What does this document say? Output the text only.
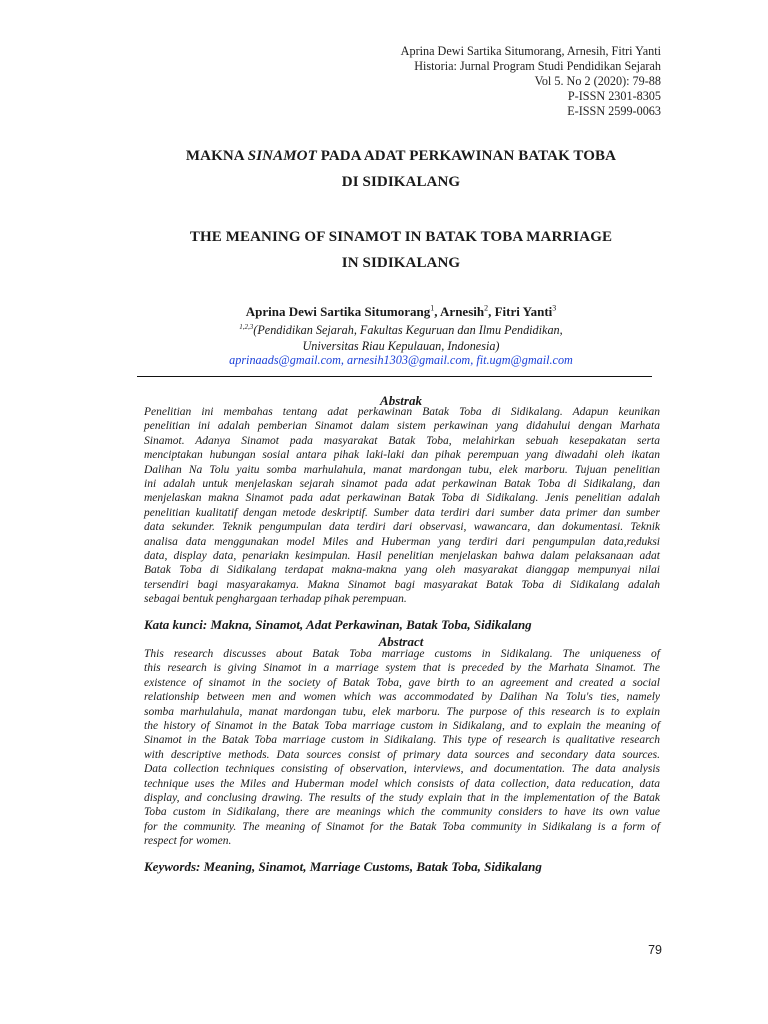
Aprina Dewi Sartika Situmorang, Arnesih, Fitri Yanti
Historia: Jurnal Program Studi Pendidikan Sejarah
Vol 5. No 2 (2020): 79-88
P-ISSN 2301-8305
E-ISSN 2599-0063
MAKNA SINAMOT PADA ADAT PERKAWINAN BATAK TOBA
DI SIDIKALANG
THE MEANING OF SINAMOT IN BATAK TOBA MARRIAGE
IN SIDIKALANG
Aprina Dewi Sartika Situmorang$^1$, Arnesih$^2$, Fitri Yanti$^3$
$^{1,2,3}$(Pendidikan Sejarah, Fakultas Keguruan dan Ilmu Pendidikan,
Universitas Riau Kepulauan, Indonesia)
aprinaads@gmail.com, arnesih1303@gmail.com, fit.ugm@gmail.com
Abstrak
Penelitian ini membahas tentang adat perkawinan Batak Toba di Sidikalang. Adapun keunikan
penelitian ini adalah pemberian Sinamot dalam sistem perkawinan yang didahului dengan Marhata
Sinamot. Adanya Sinamot pada masyarakat Batak Toba, melahirkan sebuah kesepakatan serta
menciptakan hubungan sosial antara pihak laki-laki dan pihak perempuan yang diwadahi oleh ikatan
Dalihan Na Tolu yaitu somba marhulahula, manat mardongan tubu, elek marboru. Tujuan penelitian
ini adalah untuk menjelaskan sejarah sinamot pada adat perkawinan Batak Toba di Sidikalang, dan
menjelaskan makna Sinamot pada adat perkawinan Batak Toba di Sidikalang. Jenis penelitian adalah
penelitian kualitatif dengan metode deskriptif. Sumber data terdiri dari sumber data primer dan sumber
data sekunder. Teknik pengumpulan data terdiri dari observasi, wawancara, dan dokumentasi. Teknik
analisa data menggunakan model Miles and Huberman yang terdiri dari pengumpulan data,reduksi
data, display data, penariakn kesimpulan. Hasil penelitian menjelaskan bahwa dalam pelaksanaan adat
Batak Toba di Sidikalang terdapat makna-makna yang oleh masyarakat dianggap mempunyai nilai
tersendiri bagi masyarakamya. Makna Sinamot bagi masyarakat Batak Toba di Sidikalang adalah
sebagai bentuk penghargaan terhadap pihak perempuan.
Kata kunci: Makna, Sinamot, Adat Perkawinan, Batak Toba, Sidikalang
Abstract
This research discusses about Batak Toba marriage customs in Sidikalang. The uniqueness of
this research is giving Sinamot in a marriage system that is preceded by the Marhata Sinamot. The
existence of sinamot in the society of Batak Toba, gave birth to an agreement and created a social
relationship between men and women which was accommodated by Dalihan Na Tolu's ties, namely
somba marhulahula, manat mardongan tubu, elek marboru. The purpose of this research is to explain
the history of Sinamot in the Batak Toba marriage custom in Sidikalang, and to explain the meaning of
Sinamot in the Batak Toba marriage custom in Sidikalang. This type of research is qualitative research
with descriptive methods. Data sources consist of primary data sources and secondary data sources.
Data collection techniques consisting of observation, interviews, and documentation. The data analysis
technique uses the Miles and Huberman model which consists of data collection, data reducation, data
display, and conclusing drawing. The results of the study explain that in the implementation of the Batak
Toba custom in Sidikalang, there are meanings which the community considers to have its own value
for the community. The meaning of Sinamot for the Batak Toba community in Sidikalang is a form of
respect for women.
Keywords: Meaning, Sinamot, Marriage Customs, Batak Toba, Sidikalang
79
